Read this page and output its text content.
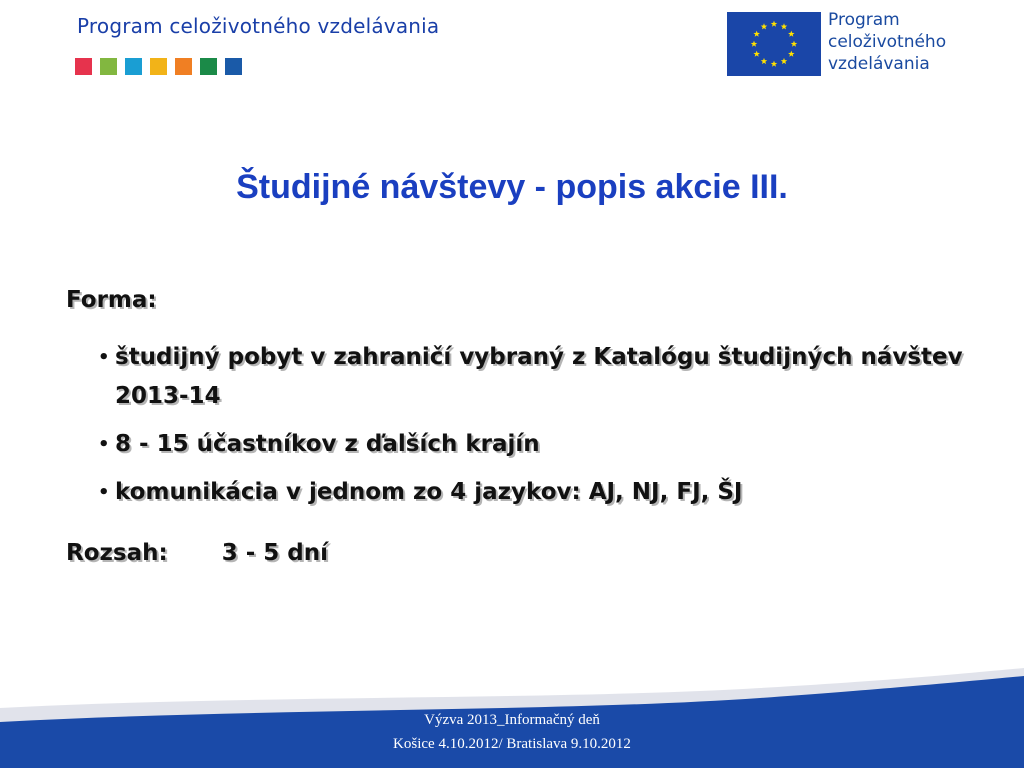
Program celoživotného vzdelávania	Program
celoživotného
vzdelávania
Študijné návštevy - popis akcie III.
Forma:
• študijný pobyt v zahraničí vybraný z Katalógu študijných návštev 2013-14
• 8 - 15 účastníkov z ďalších krajín
• komunikácia v jednom zo 4 jazykov: AJ, NJ, FJ, ŠJ
Rozsah: 3 - 5 dní
Výzva 2013_Informačný deň
Košice 4.10.2012/ Bratislava 9.10.2012
